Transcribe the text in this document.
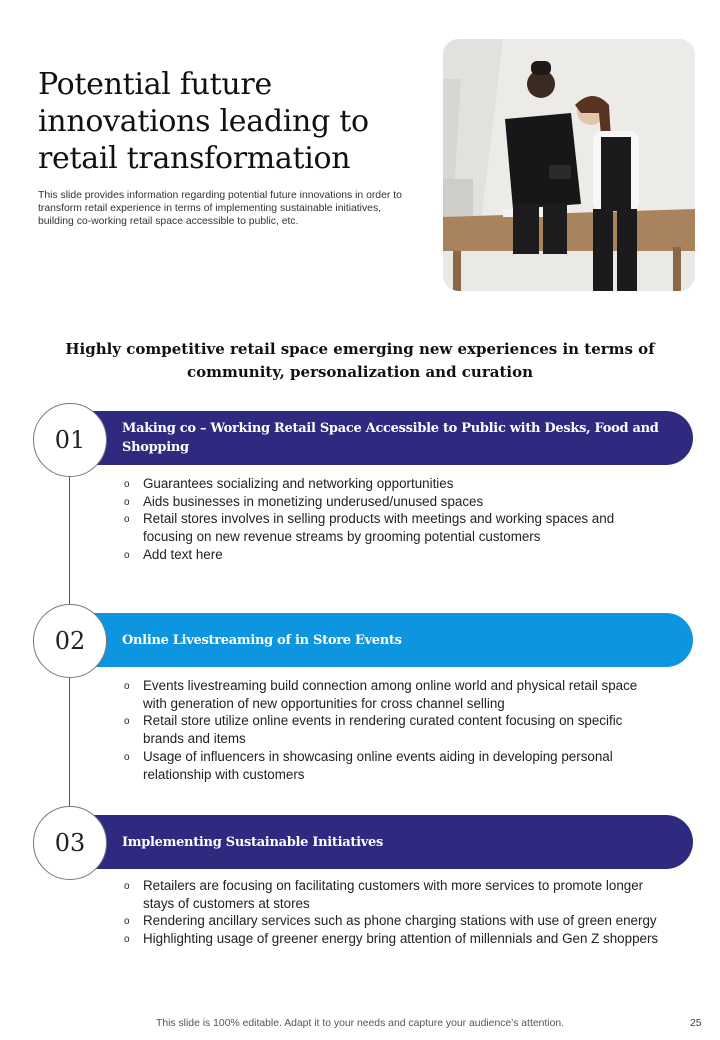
Potential future innovations leading to retail transformation

This slide provides information regarding potential future innovations in order to transform retail experience in terms of implementing sustainable initiatives, building co-working retail space accessible to public, etc.

Highly competitive retail space emerging new experiences in terms of community, personalization and curation
Making co – Working Retail Space Accessible to Public with Desks, Food and Shopping
01
o Guarantees socializing and networking opportunities
o Aids businesses in monetizing underused/unused spaces
o Retail stores involves in selling products with meetings and working spaces and focusing on new revenue streams by grooming potential customers
o Add text here
Online Livestreaming of in Store Events
02
o Events livestreaming build connection among online world and physical retail space with generation of new opportunities for cross channel selling
o Retail store utilize online events in rendering curated content focusing on specific brands and items
o Usage of influencers in showcasing online events aiding in developing personal relationship with customers
Implementing Sustainable Initiatives
03
o Retailers are focusing on facilitating customers with more services to promote longer stays of customers at stores
o Rendering ancillary services such as phone charging stations with use of green energy
o Highlighting usage of greener energy bring attention of millennials and Gen Z shoppers
This slide is 100% editable. Adapt it to your needs and capture your audience's attention.	25
